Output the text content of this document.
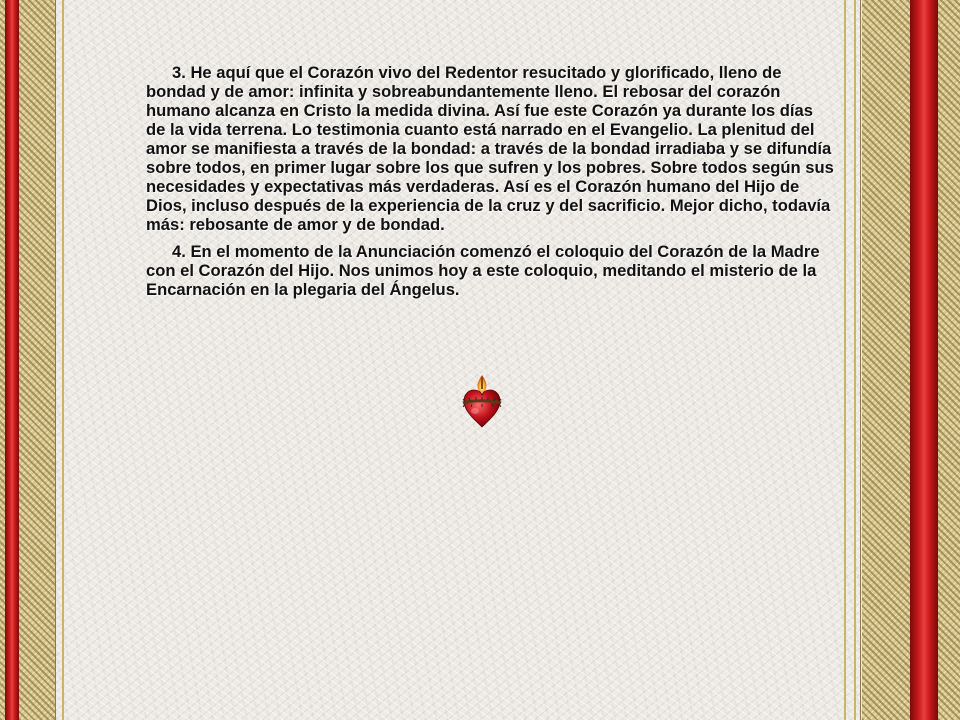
3. He aquí que el Corazón vivo del Redentor resucitado y glorificado, lleno de bondad y de amor: infinita y sobreabundantemente lleno. El rebosar del corazón humano alcanza en Cristo la medida divina. Así fue este Corazón ya durante los días de la vida terrena. Lo testimonia cuanto está narrado en el Evangelio. La plenitud del amor se manifiesta a través de la bondad: a través de la bondad irradiaba y se difundía sobre todos, en primer lugar sobre los que sufren y los pobres. Sobre todos según sus necesidades y expectativas más verdaderas. Así es el Corazón humano del Hijo de Dios, incluso después de la experiencia de la cruz y del sacrificio. Mejor dicho, todavía más: rebosante de amor y de bondad.

4. En el momento de la Anunciación comenzó el coloquio del Corazón de la Madre con el Corazón del Hijo. Nos unimos hoy a este coloquio, meditando el misterio de la Encarnación en la plegaria del Ángelus.
